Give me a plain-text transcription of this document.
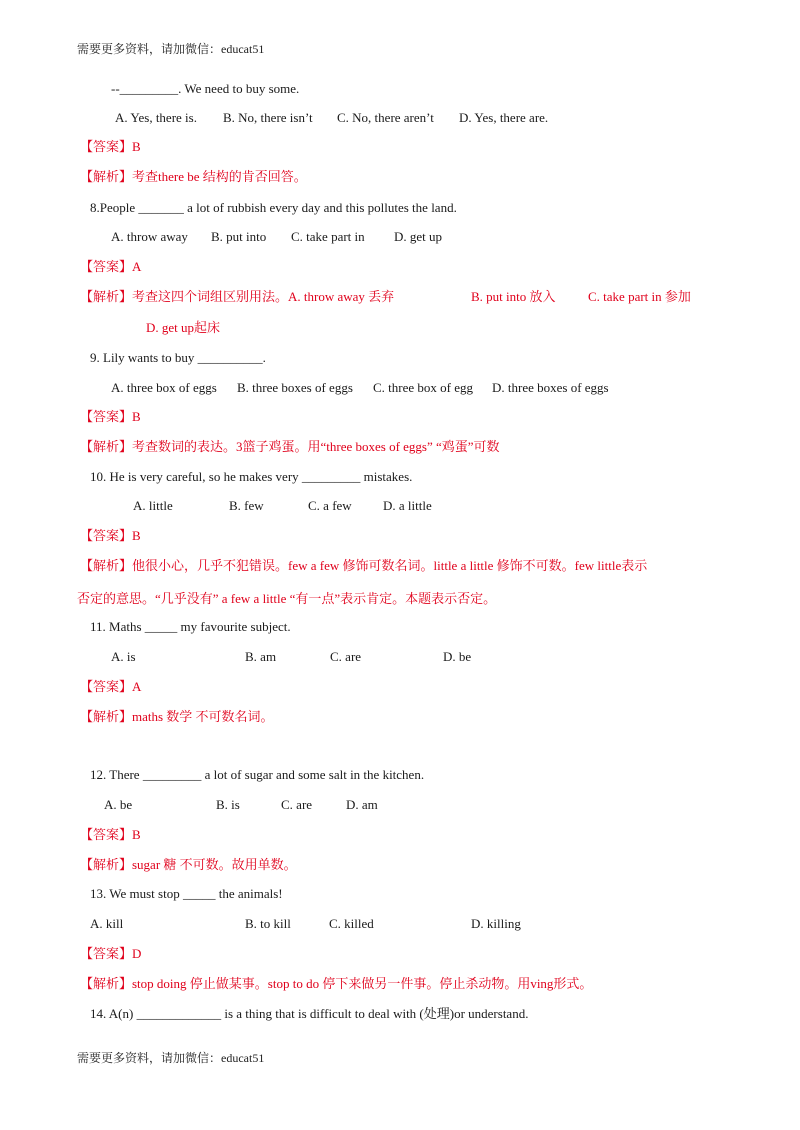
需要更多资料，请加微信：educat51
--_________. We need to buy some.
A. Yes, there is. B. No, there isn’t C. No, there aren’t D. Yes, there are.
【答案】B
【解析】考查there be 结构的肯否回答。
8.People _______ a lot of rubbish every day and this pollutes the land.
A. throw away B. put into C. take part in D. get up
【答案】A
【解析】考查这四个词组区别用法。A. throw away 丢弃	B. put into 放入 C. take part in 参加
D. get up起床
9. Lily wants to buy __________.
A. three box of eggs B. three boxes of eggs C. three box of egg D. three boxes of eggs
【答案】B
【解析】考查数词的表达。3篮子鸡蛋。用“three boxes of eggs” “鸡蛋”可数
10. He is very careful, so he makes very _________ mistakes.
A. little	B. few	C. a few D. a little
【答案】B
【解析】他很小心，几乎不犯错误。few a few 修饰可数名词。little a little 修饰不可数。few little表示
否定的意思。“几乎没有” a few a little “有一点”表示肯定。本题表示否定。
11. Maths _____ my favourite subject.
A. is	B. am	C. are	D. be
【答案】A
【解析】maths 数学 不可数名词。
12. There _________ a lot of sugar and some salt in the kitchen.
A. be	B. is	C. are	D. am
【答案】B
【解析】sugar 糖 不可数。故用单数。
13. We must stop _____ the animals!
A. kill	B. to kill	C. killed	D. killing
【答案】D
【解析】stop doing 停止做某事。stop to do 停下来做另一件事。停止杀动物。用ving形式。
14. A(n) _____________ is a thing that is difficult to deal with (处理)or understand.
需要更多资料，请加微信：educat51
